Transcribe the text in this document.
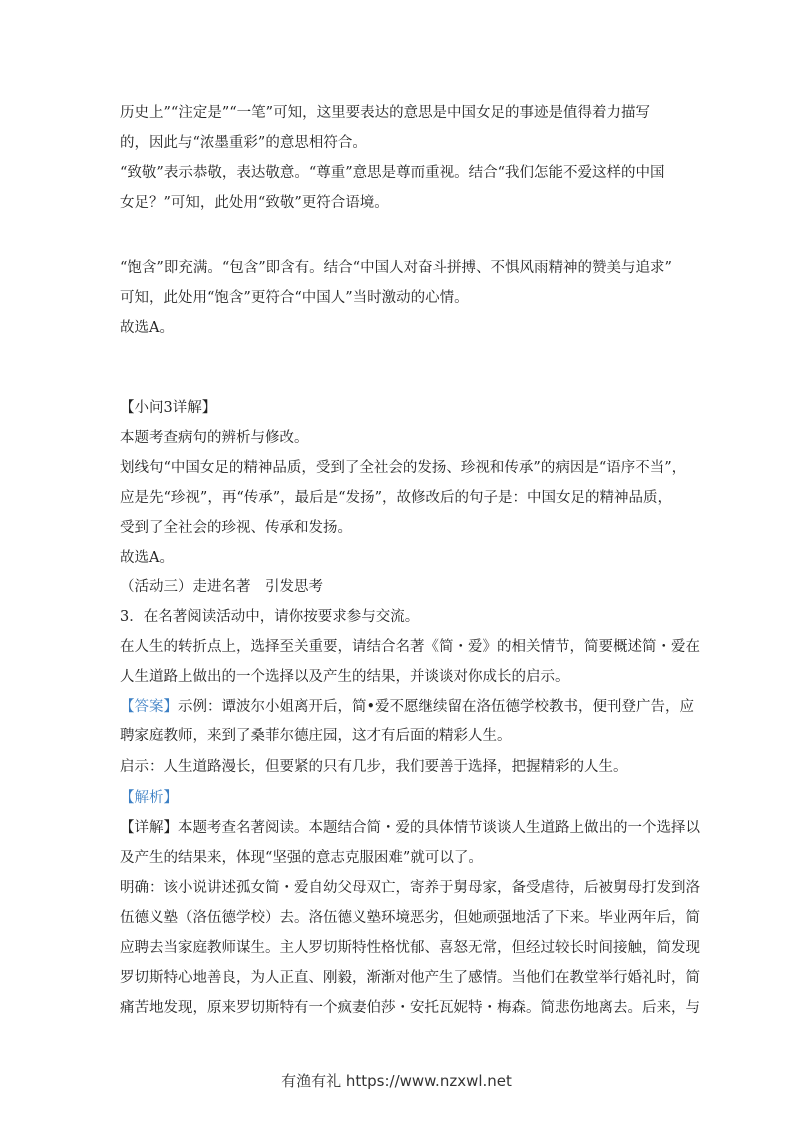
历史上”“注定是”“一笔”可知，这里要表达的意思是中国女足的事迹是值得着力描写
的，因此与“浓墨重彩”的意思相符合。
“致敬”表示恭敬，表达敬意。“尊重”意思是尊而重视。结合“我们怎能不爱这样的中国
女足？”可知，此处用“致敬”更符合语境。
“饱含”即充满。“包含”即含有。结合“中国人对奋斗拼搏、不惧风雨精神的赞美与追求”
可知，此处用“饱含”更符合“中国人”当时激动的心情。
故选A。
【小问3详解】
本题考查病句的辨析与修改。
划线句“中国女足的精神品质，受到了全社会的发扬、珍视和传承”的病因是“语序不当”，
应是先“珍视”，再“传承”，最后是“发扬”，故修改后的句子是：中国女足的精神品质，
受到了全社会的珍视、传承和发扬。
故选A。
（活动三）走进名著　引发思考
3．在名著阅读活动中，请你按要求参与交流。
在人生的转折点上，选择至关重要，请结合名著《简・爱》的相关情节，简要概述简・爱在
人生道路上做出的一个选择以及产生的结果，并谈谈对你成长的启示。
【答案】示例：谭波尔小姐离开后，简•爱不愿继续留在洛伍德学校教书，便刊登广告，应
聘家庭教师，来到了桑菲尔德庄园，这才有后面的精彩人生。
启示：人生道路漫长，但要紧的只有几步，我们要善于选择，把握精彩的人生。
【解析】
【详解】本题考查名著阅读。本题结合简・爱的具体情节谈谈人生道路上做出的一个选择以
及产生的结果来，体现“坚强的意志克服困难”就可以了。
明确：该小说讲述孤女简・爱自幼父母双亡，寄养于舅母家，备受虐待，后被舅母打发到洛
伍德义塾（洛伍德学校）去。洛伍德义塾环境恶劣，但她顽强地活了下来。毕业两年后，简
应聘去当家庭教师谋生。主人罗切斯特性格忧郁、喜怒无常，但经过较长时间接触，简发现
罗切斯特心地善良，为人正直、刚毅，渐渐对他产生了感情。当他们在教堂举行婚礼时，简
痛苦地发现，原来罗切斯特有一个疯妻伯莎・安托瓦妮特・梅森。简悲伤地离去。后来，与
有渔有礼 https://www.nzxwl.net
